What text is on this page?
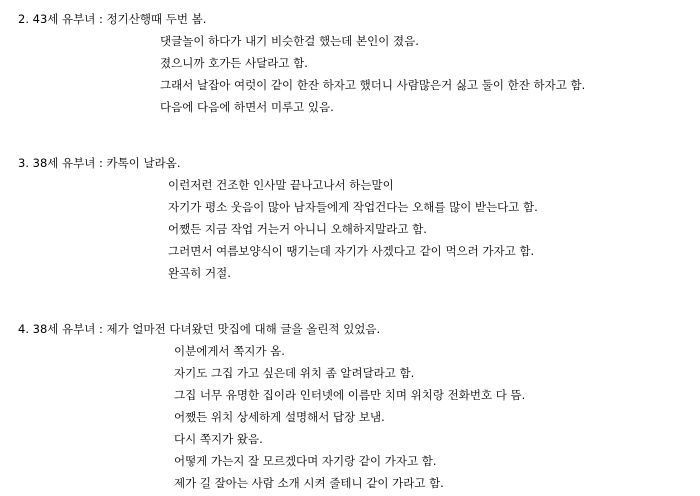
2. 43세 유부녀 : 정기산행때 두번 봄.
댓글놀이 하다가 내기 비슷한걸 했는데 본인이 졌음.
졌으니까 호가든 사달라고 함.
그래서 날잡아 여럿이 같이 한잔 하자고 했더니 사람많은거 싫고 둘이 한잔 하자고 함.
다음에 다음에 하면서 미루고 있음.
3. 38세 유부녀 : 카톡이 날라옴.
이런저런 건조한 인사말 끝나고나서 하는말이
자기가 평소 웃음이 많아 남자들에게 작업건다는 오해를 많이 받는다고 함.
어쨌든 지금 작업 거는거 아니니 오해하지말라고 함.
그러면서 여름보양식이 땡기는데 자기가 사겠다고 같이 먹으러 가자고 함.
완곡히 거절.
4. 38세 유부녀 : 제가 얼마전 다녀왔던 맛집에 대해 글을 올린적 있었음.
이분에게서 쪽지가 옴.
자기도 그집 가고 싶은데 위치 좀 알려달라고 함.
그집 너무 유명한 집이라 인터넷에 이름만 치며 위치랑 전화번호 다 뜸.
어쨌든 위치 상세하게 설명해서 답장 보냄.
다시 쪽지가 왔음.
어떻게 가는지 잘 모르겠다며 자기랑 같이 가자고 함.
제가 길 잘아는 사람 소개 시켜 줄테니 같이 가라고 함.
